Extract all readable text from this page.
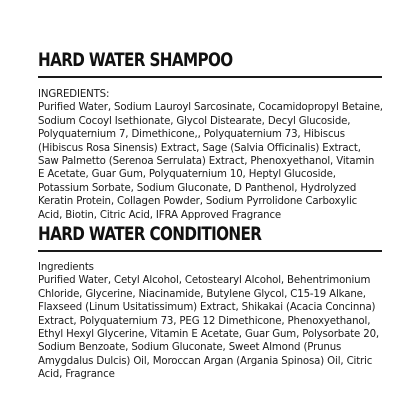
HARD WATER SHAMPOO
INGREDIENTS:

Purified Water, Sodium Lauroyl Sarcosinate, Cocamidopropyl Betaine, Sodium Cocoyl Isethionate, Glycol Distearate, Decyl Glucoside, Polyquaternium 7, Dimethicone,, Polyquaternium 73, Hibiscus (Hibiscus Rosa Sinensis) Extract, Sage (Salvia Officinalis) Extract, Saw Palmetto (Serenoa Serrulata) Extract, Phenoxyethanol, Vitamin E Acetate, Guar Gum, Polyquaternium 10, Heptyl Glucoside, Potassium Sorbate, Sodium Gluconate, D Panthenol, Hydrolyzed Keratin Protein, Collagen Powder, Sodium Pyrrolidone Carboxylic Acid, Biotin, Citric Acid, IFRA Approved Fragrance

HARD WATER CONDITIONER
Ingredients

Purified Water, Cetyl Alcohol, Cetostearyl Alcohol, Behentrimonium Chloride, Glycerine, Niacinamide, Butylene Glycol, C15-19 Alkane, Flaxseed (Linum Usitatissimum) Extract, Shikakai (Acacia Concinna) Extract, Polyquaternium 73, PEG 12 Dimethicone, Phenoxyethanol, Ethyl Hexyl Glycerine, Vitamin E Acetate, Guar Gum, Polysorbate 20, Sodium Benzoate, Sodium Gluconate, Sweet Almond (Prunus Amygdalus Dulcis) Oil, Moroccan Argan (Argania Spinosa) Oil, Citric Acid, Fragrance
